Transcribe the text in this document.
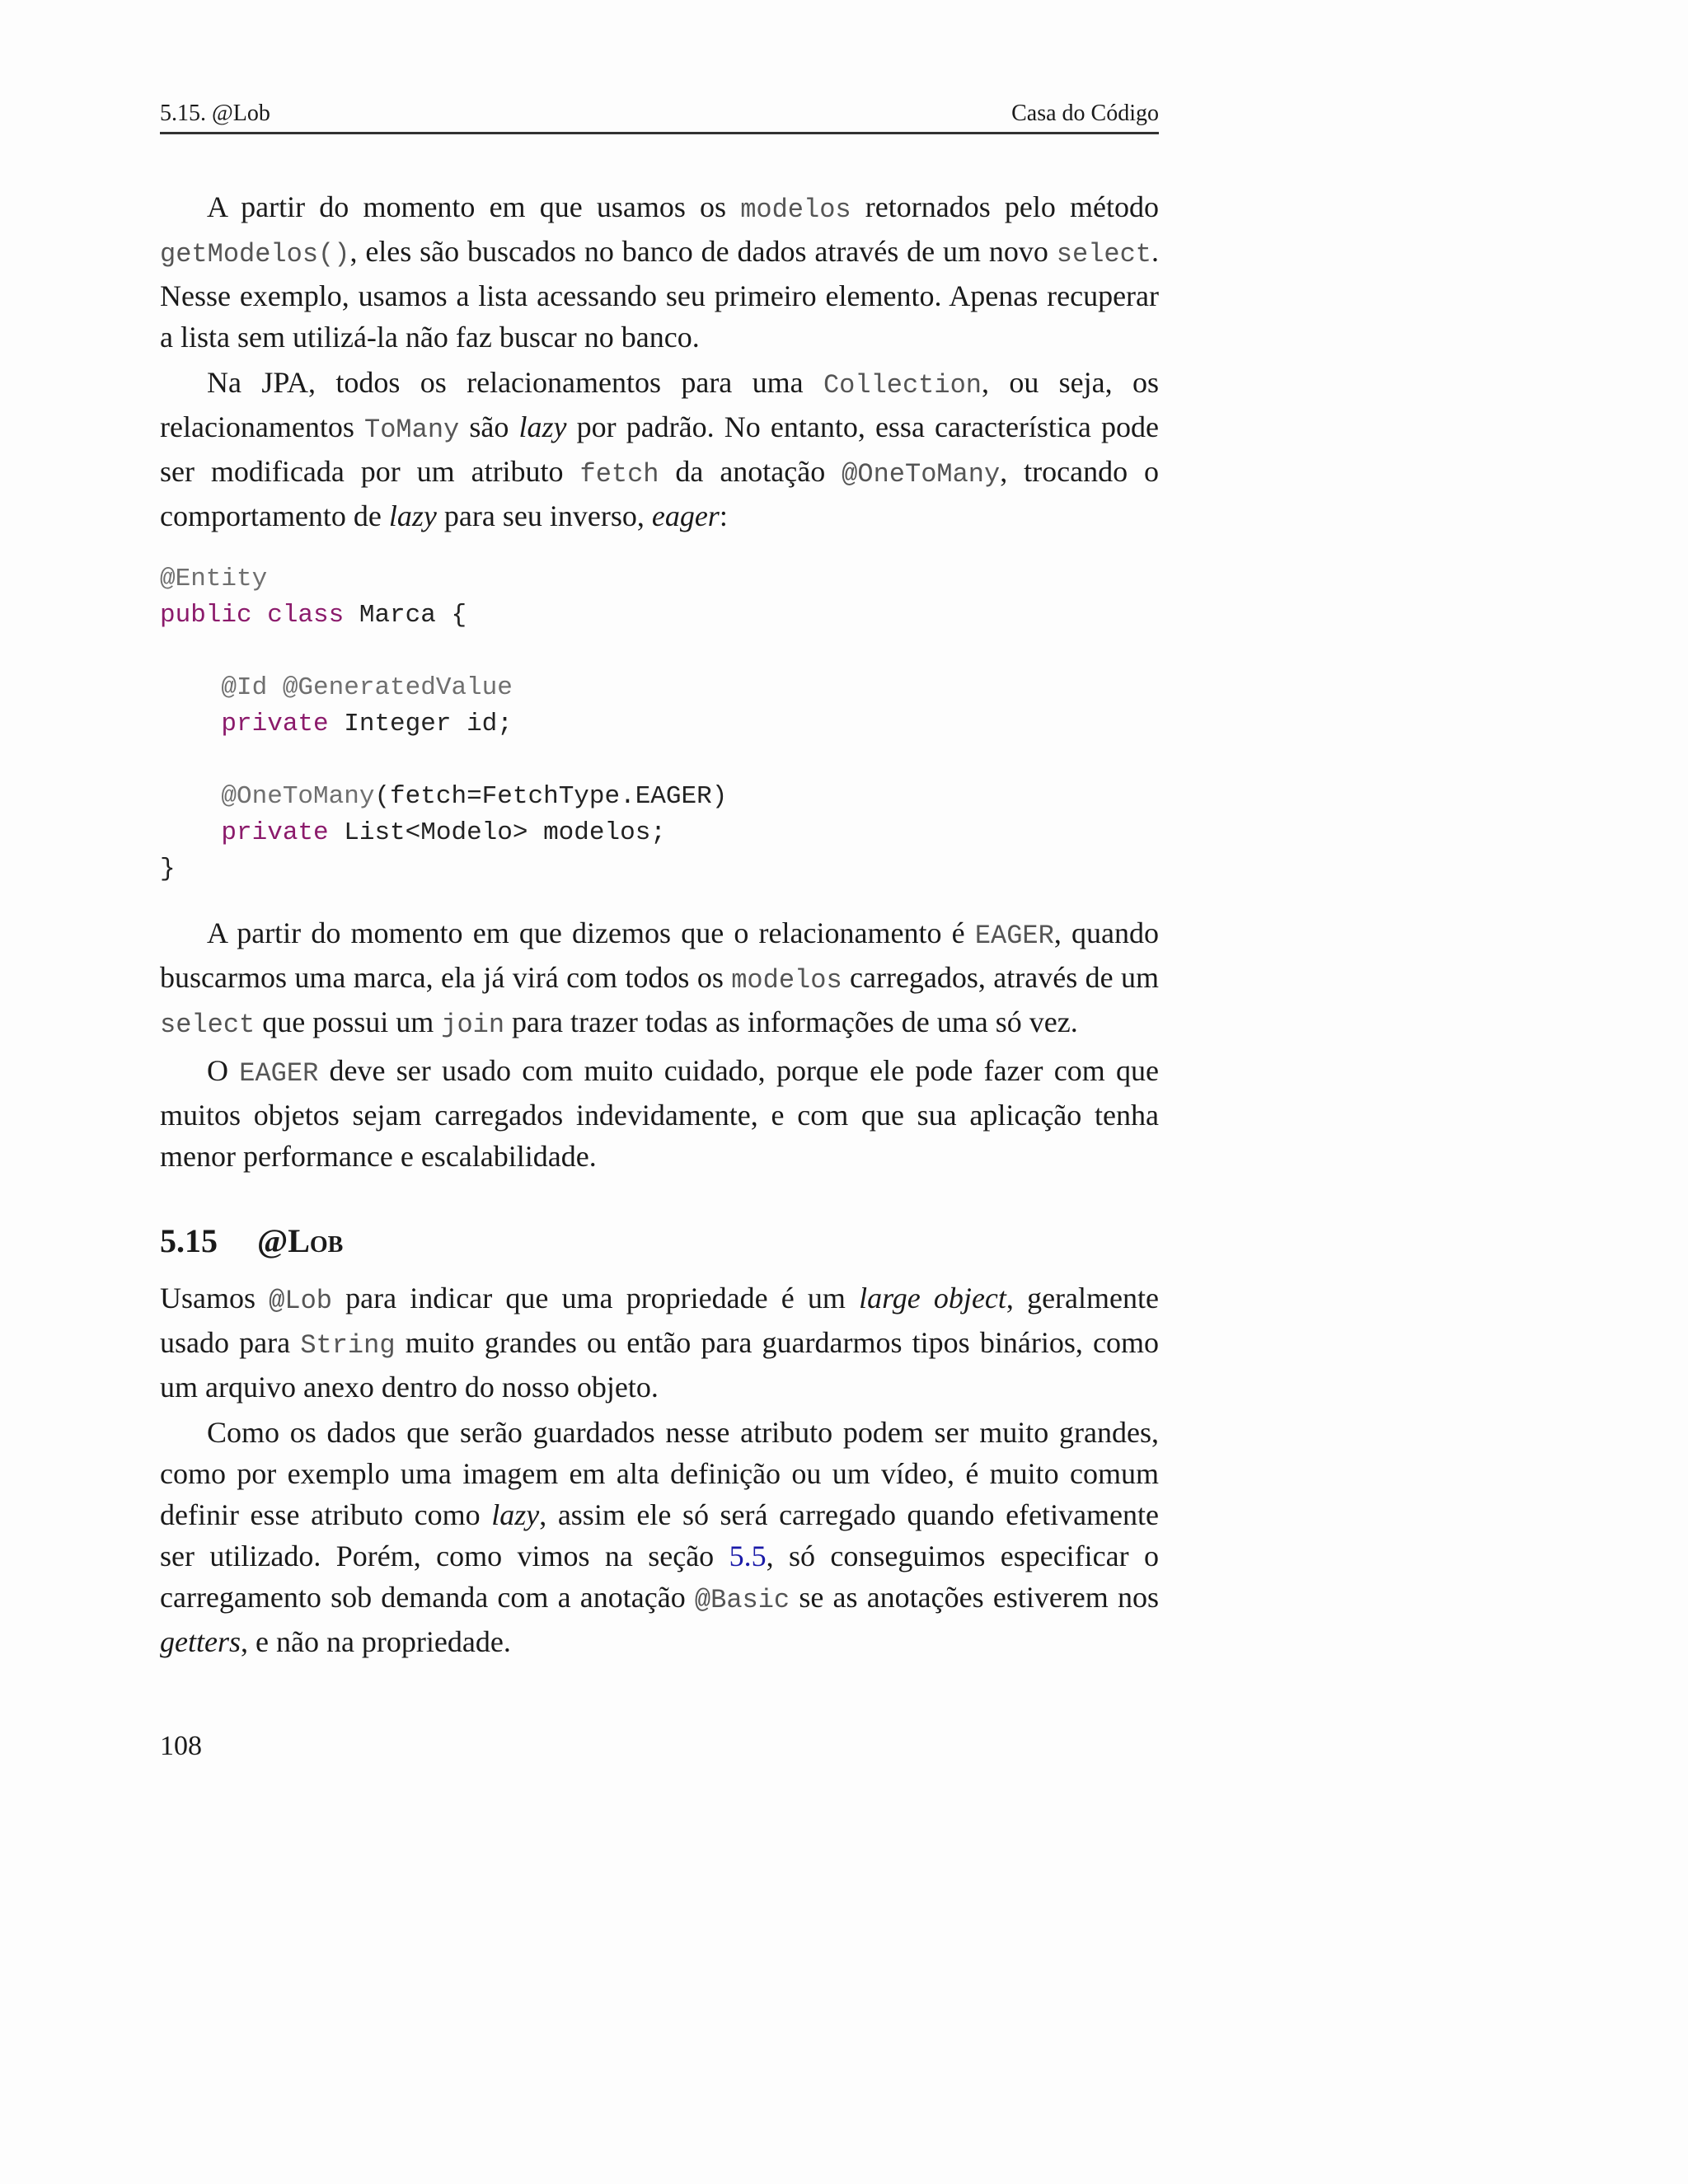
5.15. @Lob	Casa do Código

A partir do momento em que usamos os modelos retornados pelo método getModelos(), eles são buscados no banco de dados através de um novo select. Nesse exemplo, usamos a lista acessando seu primeiro elemento. Apenas recuperar a lista sem utilizá-la não faz buscar no banco.

Na JPA, todos os relacionamentos para uma Collection, ou seja, os relacionamentos ToMany são lazy por padrão. No entanto, essa característica pode ser modificada por um atributo fetch da anotação @OneToMany, trocando o comportamento de lazy para seu inverso, eager:

@Entity
public class Marca {

@Id @GeneratedValue
private Integer id;

@OneToMany(fetch=FetchType.EAGER)
private List<Modelo> modelos;
}

A partir do momento em que dizemos que o relacionamento é EAGER, quando buscarmos uma marca, ela já virá com todos os modelos carregados, através de um select que possui um join para trazer todas as informações de uma só vez.

O EAGER deve ser usado com muito cuidado, porque ele pode fazer com que muitos objetos sejam carregados indevidamente, e com que sua aplicação tenha menor performance e escalabilidade.

5.15 @Lob

Usamos @Lob para indicar que uma propriedade é um large object, geralmente usado para String muito grandes ou então para guardarmos tipos binários, como um arquivo anexo dentro do nosso objeto.

Como os dados que serão guardados nesse atributo podem ser muito grandes, como por exemplo uma imagem em alta definição ou um vídeo, é muito comum definir esse atributo como lazy, assim ele só será carregado quando efetivamente ser utilizado. Porém, como vimos na seção 5.5, só conseguimos especificar o carregamento sob demanda com a anotação @Basic se as anotações estiverem nos getters, e não na propriedade.

108
